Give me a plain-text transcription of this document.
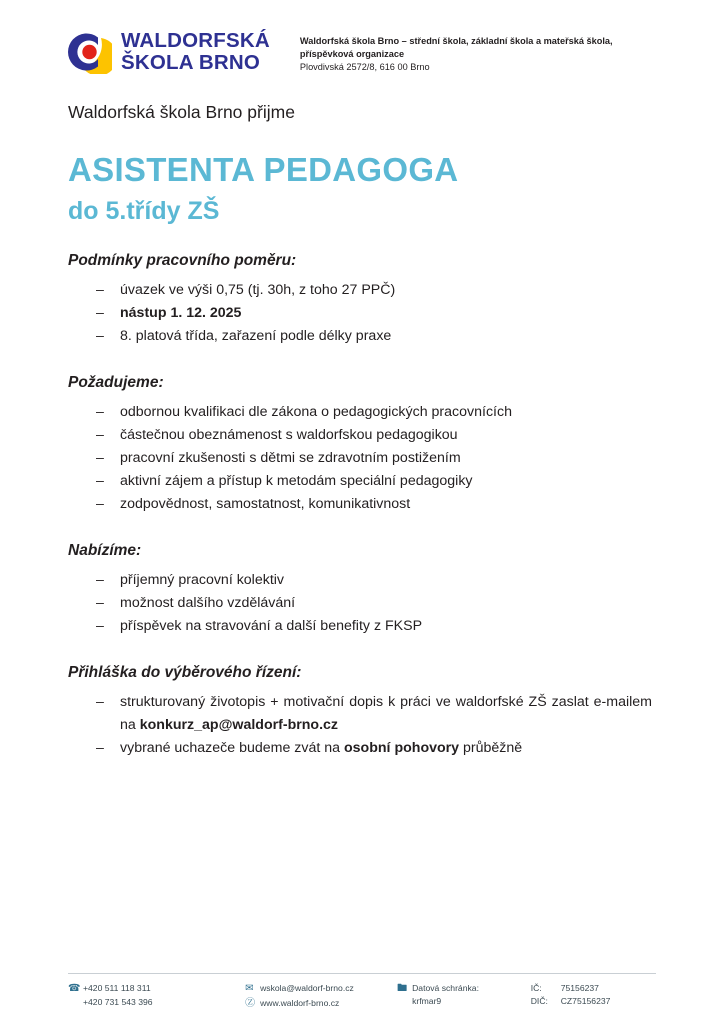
WALDORFSKÁ
ŠKOLA BRNO
Waldorfská škola Brno – střední škola, základní škola a mateřská škola,
příspěvková organizace
Plovdivská 2572/8, 616 00 Brno
Waldorfská škola Brno přijme
ASISTENTA PEDAGOGA
do 5.třídy ZŠ
Podmínky pracovního poměru:
– úvazek ve výši 0,75 (tj. 30h, z toho 27 PPČ)
– nástup 1. 12. 2025
– 8. platová třída, zařazení podle délky praxe
Požadujeme:
– odbornou kvalifikaci dle zákona o pedagogických pracovnících
– částečnou obeznámenost s waldorfskou pedagogikou
– pracovní zkušenosti s dětmi se zdravotním postižením
– aktivní zájem a přístup k metodám speciální pedagogiky
– zodpovědnost, samostatnost, komunikativnost
Nabízíme:
– příjemný pracovní kolektiv
– možnost dalšího vzdělávání
– příspěvek na stravování a další benefity z FKSP
Přihláška do výběrového řízení:
– strukturovaný životopis + motivační dopis k práci ve waldorfské ZŠ zaslat e-mailem na konkurz_ap@waldorf-brno.cz
– vybrané uchazeče budeme zvát na osobní pohovory průběžně
☎ +420 511 118 311
+420 731 543 396
✉ wskola@waldorf-brno.cz
Ⓩ www.waldorf-brno.cz
🖿 Datová schránka:
krfmar9
IČ:	75156237
DIČ:	CZ75156237
